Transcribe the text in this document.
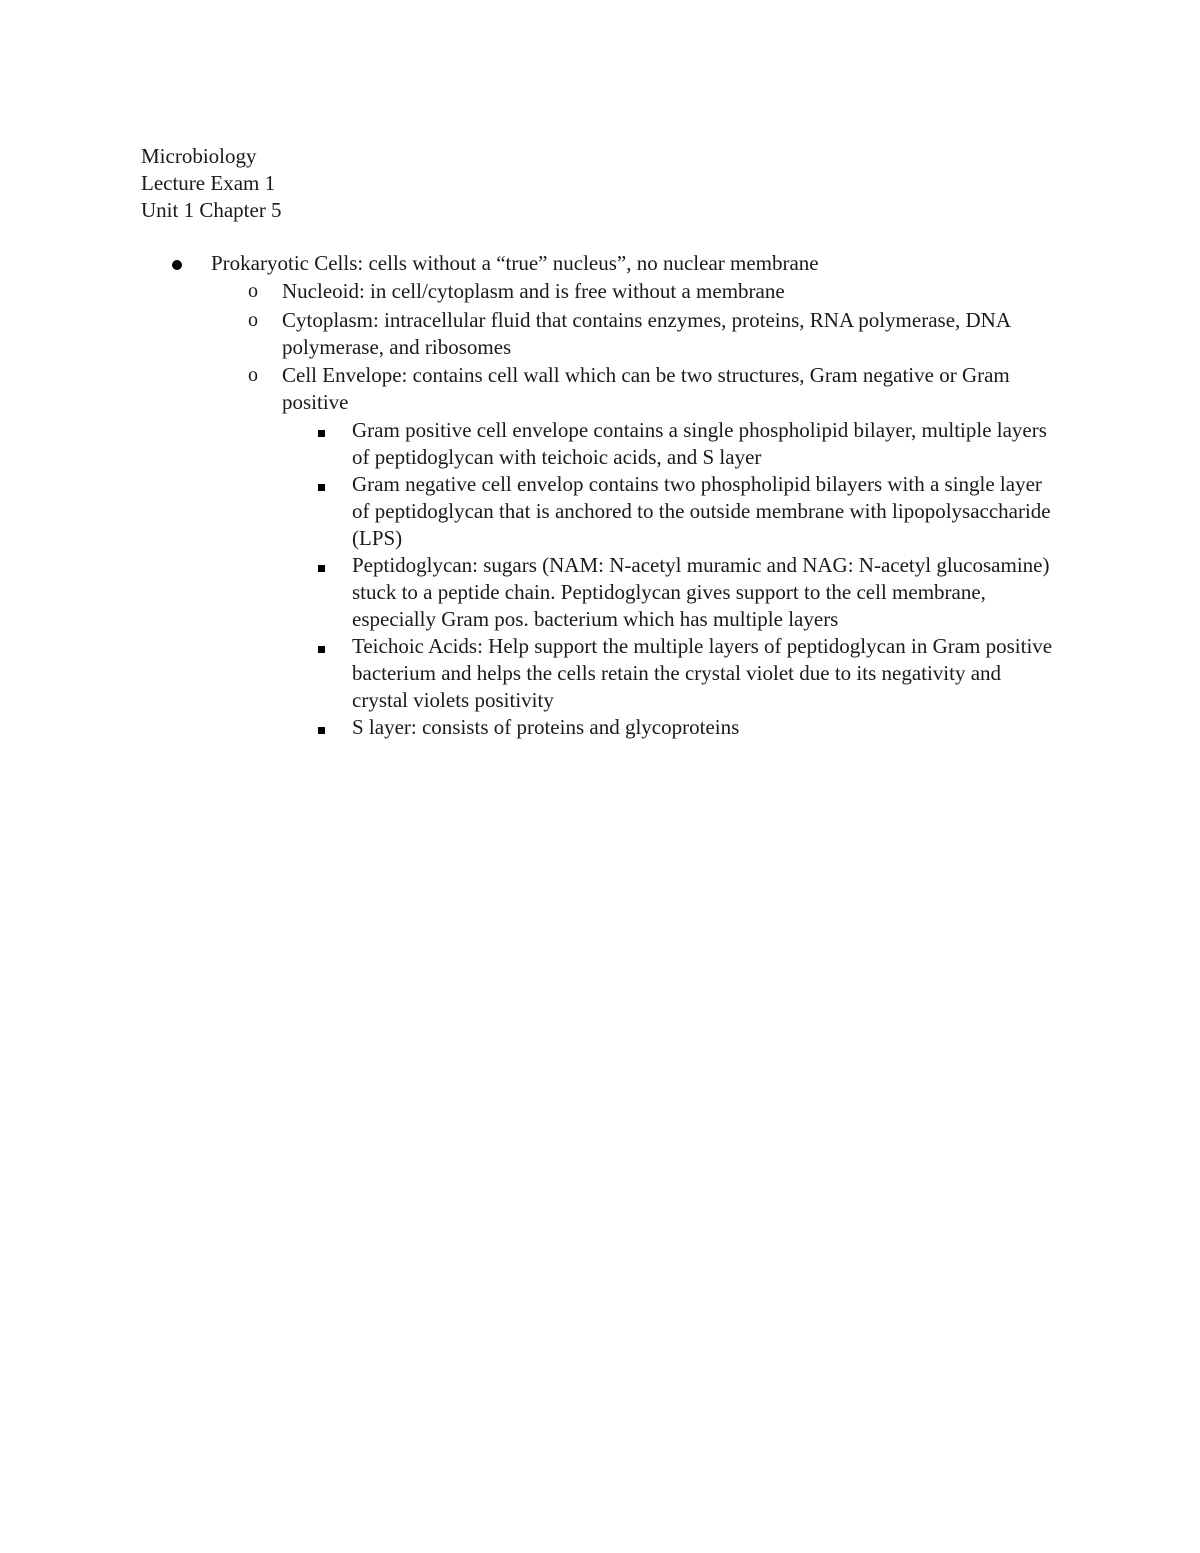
Microbiology
Lecture Exam 1
Unit 1 Chapter 5
Prokaryotic Cells: cells without a “true” nucleus”, no nuclear membrane
o Nucleoid: in cell/cytoplasm and is free without a membrane
o Cytoplasm: intracellular fluid that contains enzymes, proteins, RNA polymerase, DNA polymerase, and ribosomes
o Cell Envelope: contains cell wall which can be two structures, Gram negative or Gram positive
Gram positive cell envelope contains a single phospholipid bilayer, multiple layers of peptidoglycan with teichoic acids, and S layer
Gram negative cell envelop contains two phospholipid bilayers with a single layer of peptidoglycan that is anchored to the outside membrane with lipopolysaccharide (LPS)
Peptidoglycan: sugars (NAM: N-acetyl muramic and NAG: N-acetyl glucosamine) stuck to a peptide chain. Peptidoglycan gives support to the cell membrane, especially Gram pos. bacterium which has multiple layers
Teichoic Acids: Help support the multiple layers of peptidoglycan in Gram positive bacterium and helps the cells retain the crystal violet due to its negativity and crystal violets positivity
S layer: consists of proteins and glycoproteins
